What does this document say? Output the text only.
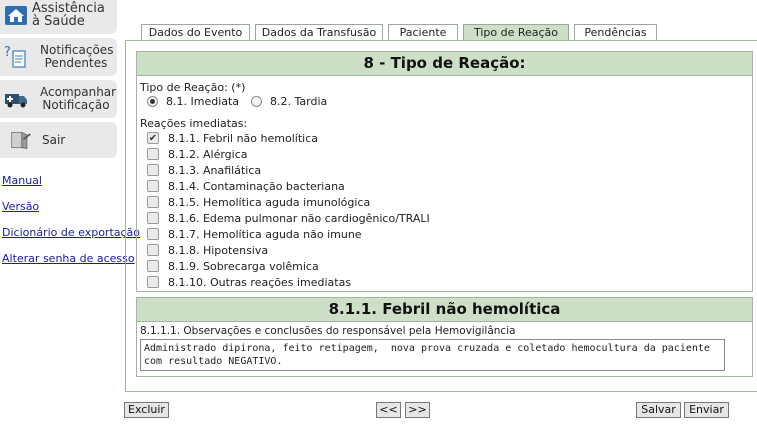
Assistência
à Saúde
?	Notificações
Pendentes
Acompanhar
Notificação
Sair
Manual
Versão
Dicionário de exportação
Alterar senha de acesso
Dados do Evento	Dados da Transfusão	Paciente	Tipo de Reação	Pendências
8 - Tipo de Reação:
Tipo de Reação: (*)
8.1. Imediata	8.2. Tardia
Reações imediatas:
✔ 8.1.1. Febril não hemolítica
8.1.2. Alérgica
8.1.3. Anafilática
8.1.4. Contaminação bacteriana
8.1.5. Hemolítica aguda imunológica
8.1.6. Edema pulmonar não cardiogênico/TRALI
8.1.7. Hemolítica aguda não imune
8.1.8. Hipotensiva
8.1.9. Sobrecarga volêmica
8.1.10. Outras reações imediatas
8.1.1. Febril não hemolítica
8.1.1.1. Observações e conclusões do responsável pela Hemovigilância
Administrado dipirona, feito retipagem, nova prova cruzada e coletado hemocultura da paciente com resultado NEGATIVO.
Excluir	<< >>	Salvar	Enviar
